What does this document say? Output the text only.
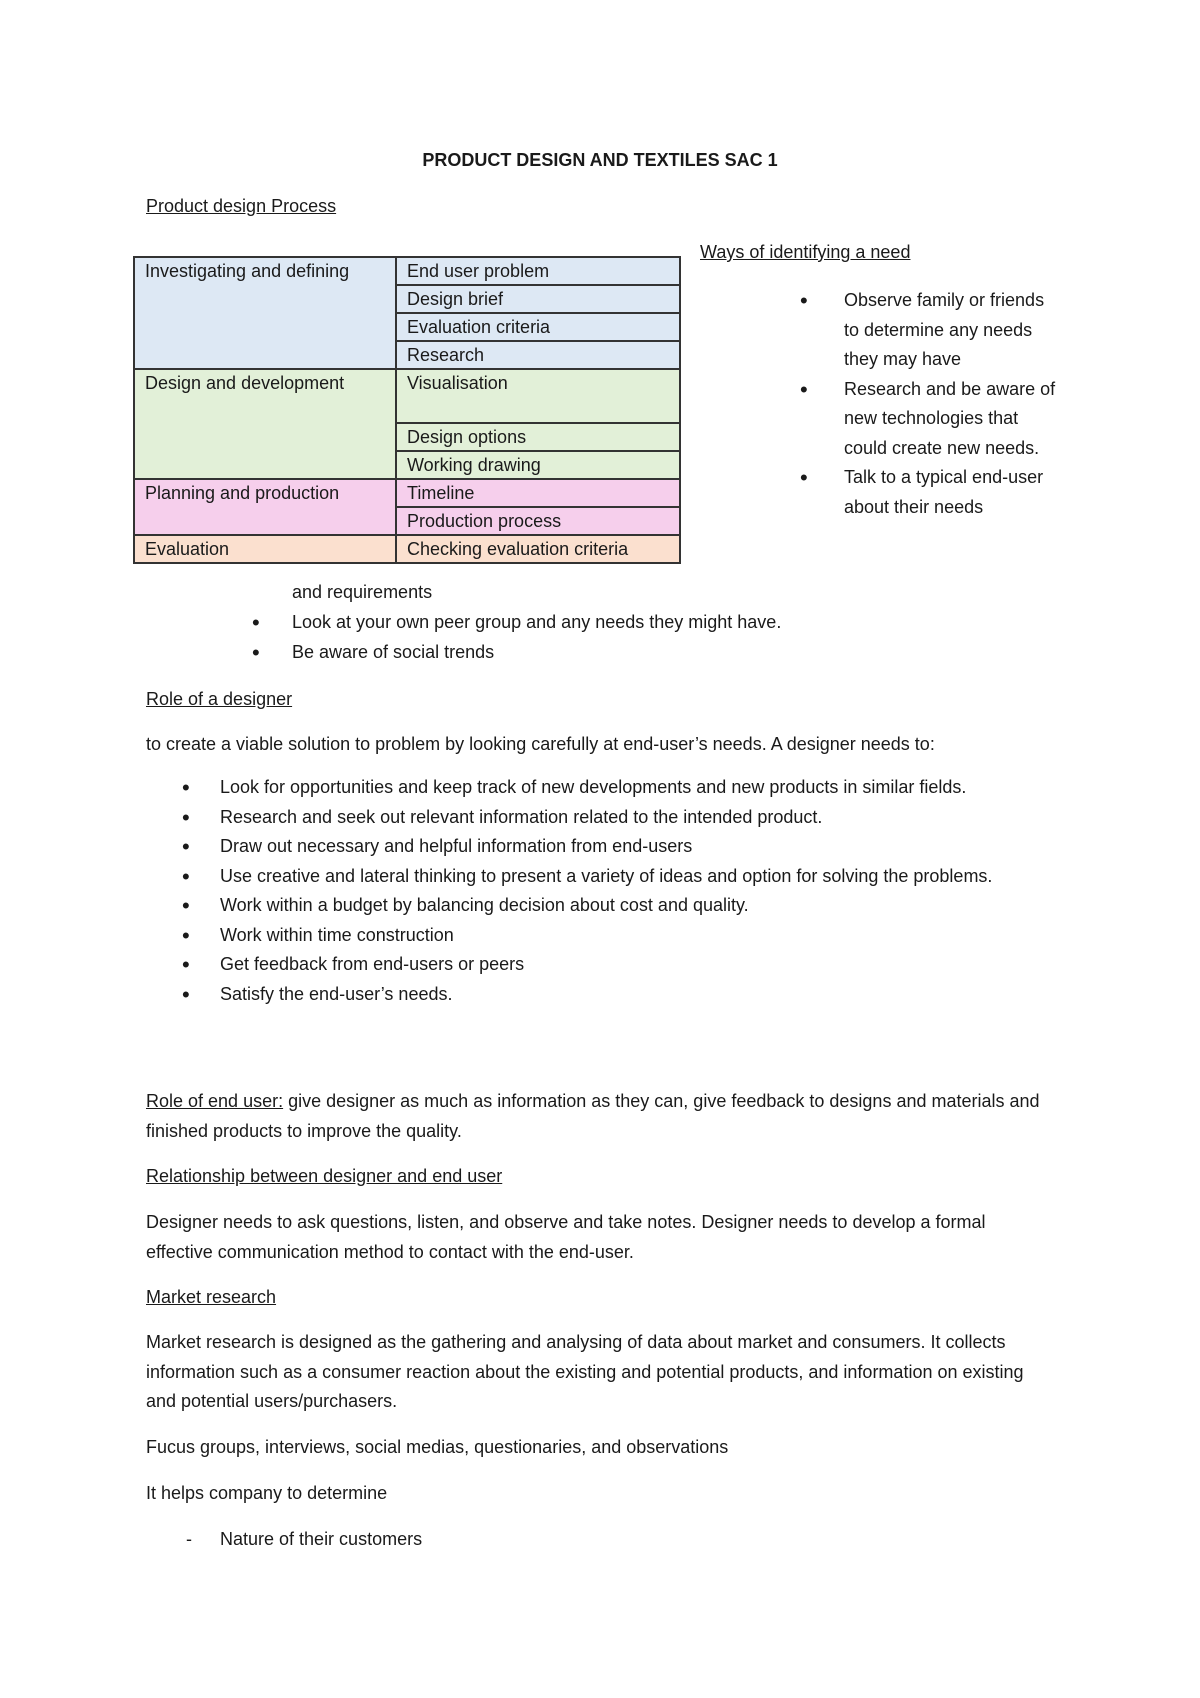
PRODUCT DESIGN AND TEXTILES SAC 1
Product design Process
Investigating and defining	End user problem
	Design brief
	Evaluation criteria
	Research
Design and development	Visualisation
	Design options
	Working drawing
Planning and production	Timeline
	Production process
Evaluation	Checking evaluation criteria
Ways of identifying a need
• Observe family or friends to determine any needs they may have
• Research and be aware of new technologies that could create new needs.
• Talk to a typical end-user about their needs
and requirements
• Look at your own peer group and any needs they might have.
• Be aware of social trends
Role of a designer
to create a viable solution to problem by looking carefully at end-user’s needs. A designer needs to:
• Look for opportunities and keep track of new developments and new products in similar fields.
• Research and seek out relevant information related to the intended product.
• Draw out necessary and helpful information from end-users
• Use creative and lateral thinking to present a variety of ideas and option for solving the problems.
• Work within a budget by balancing decision about cost and quality.
• Work within time construction
• Get feedback from end-users or peers
• Satisfy the end-user’s needs.
Role of end user: give designer as much as information as they can, give feedback to designs and materials and finished products to improve the quality.
Relationship between designer and end user
Designer needs to ask questions, listen, and observe and take notes. Designer needs to develop a formal effective communication method to contact with the end-user.
Market research
Market research is designed as the gathering and analysing of data about market and consumers. It collects information such as a consumer reaction about the existing and potential products, and information on existing and potential users/purchasers.
Fucus groups, interviews, social medias, questionaries, and observations
It helps company to determine
- Nature of their customers
